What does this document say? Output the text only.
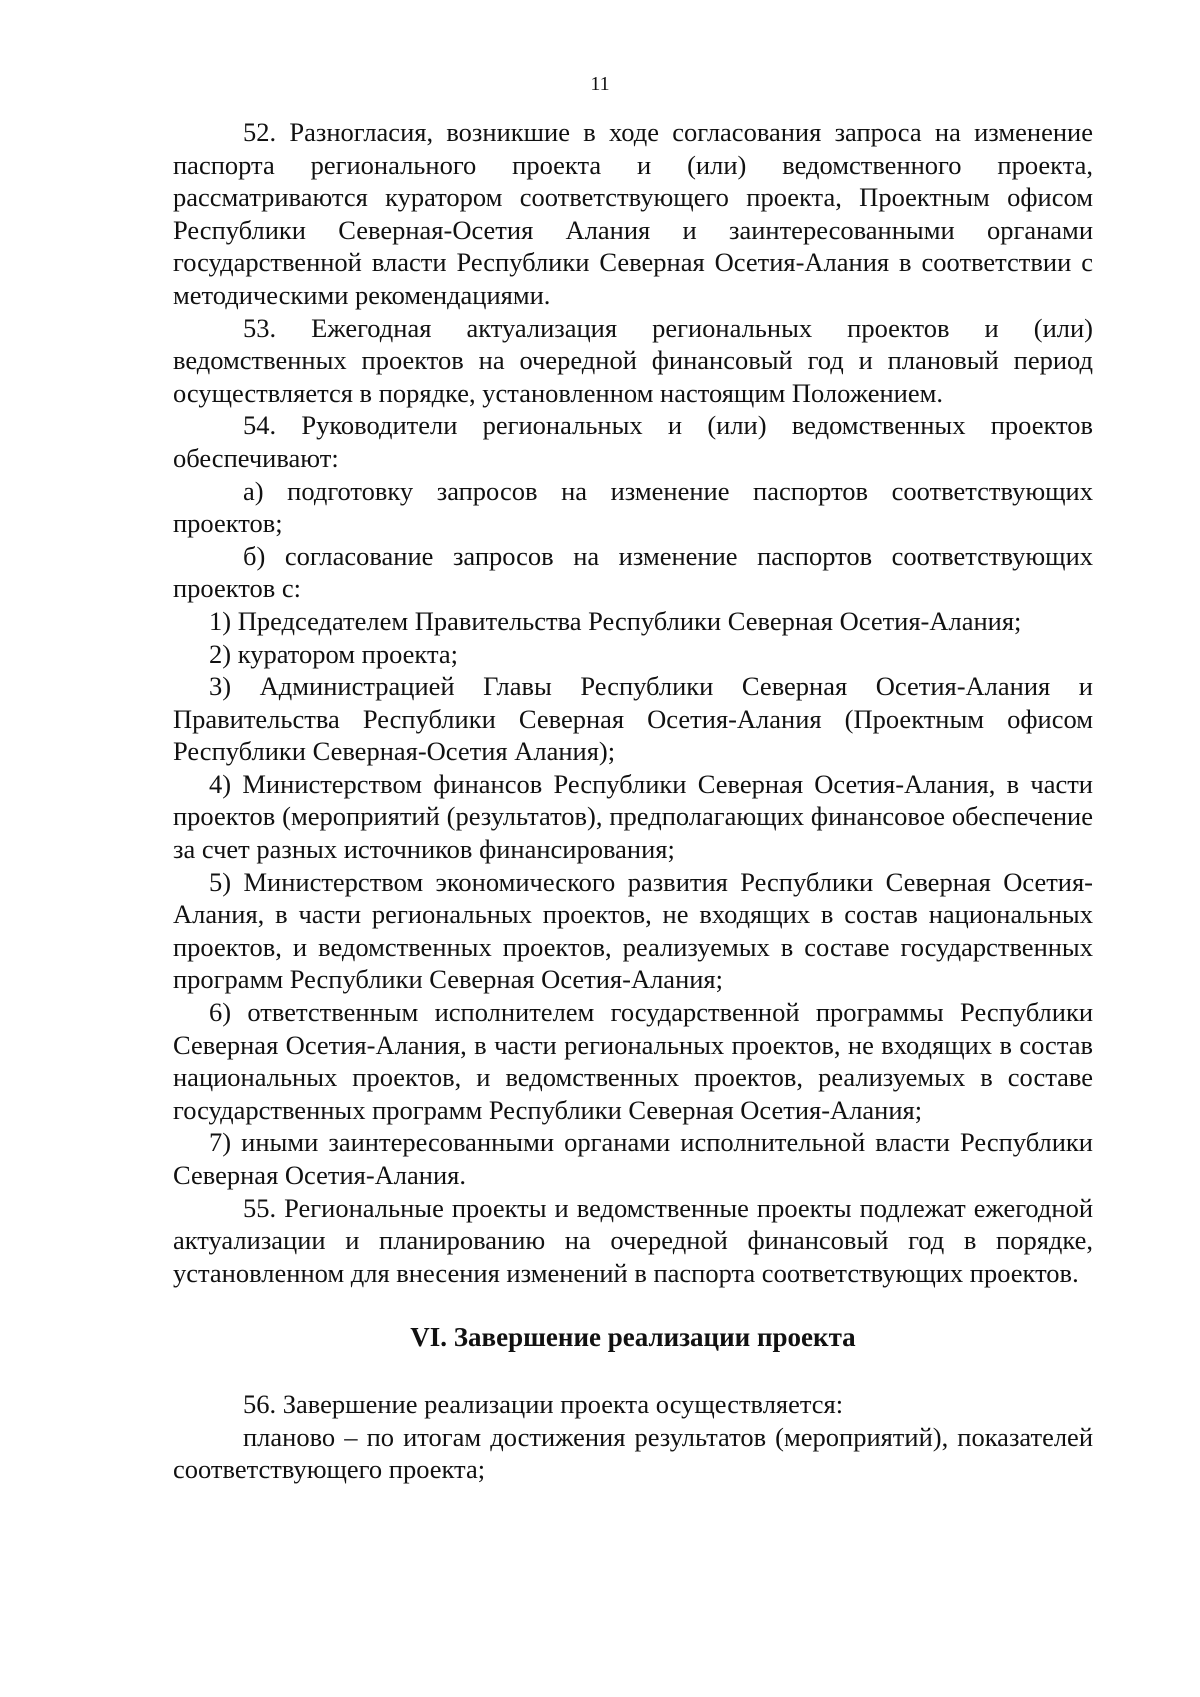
11

52. Разногласия, возникшие в ходе согласования запроса на изменение паспорта регионального проекта и (или) ведомственного проекта, рассматриваются куратором соответствующего проекта, Проектным офисом Республики Северная-Осетия Алания и заинтересованными органами государственной власти Республики Северная Осетия-Алания в соответствии с методическими рекомендациями.

53. Ежегодная актуализация региональных проектов и (или) ведомственных проектов на очередной финансовый год и плановый период осуществляется в порядке, установленном настоящим Положением.

54. Руководители региональных и (или) ведомственных проектов обеспечивают:

а) подготовку запросов на изменение паспортов соответствующих проектов;

б) согласование запросов на изменение паспортов соответствующих проектов с:

1) Председателем Правительства Республики Северная Осетия-Алания;

2) куратором проекта;

3) Администрацией Главы Республики Северная Осетия-Алания и Правительства Республики Северная Осетия-Алания (Проектным офисом Республики Северная-Осетия Алания);

4) Министерством финансов Республики Северная Осетия-Алания, в части проектов (мероприятий (результатов), предполагающих финансовое обеспечение за счет разных источников финансирования;

5) Министерством экономического развития Республики Северная Осетия-Алания, в части региональных проектов, не входящих в состав национальных проектов, и ведомственных проектов, реализуемых в составе государственных программ Республики Северная Осетия-Алания;

6) ответственным исполнителем государственной программы Республики Северная Осетия-Алания, в части региональных проектов, не входящих в состав национальных проектов, и ведомственных проектов, реализуемых в составе государственных программ Республики Северная Осетия-Алания;

7) иными заинтересованными органами исполнительной власти Республики Северная Осетия-Алания.

55. Региональные проекты и ведомственные проекты подлежат ежегодной актуализации и планированию на очередной финансовый год в порядке, установленном для внесения изменений в паспорта соответствующих проектов.

VI. Завершение реализации проекта

56. Завершение реализации проекта осуществляется:

планово – по итогам достижения результатов (мероприятий), показателей соответствующего проекта;
